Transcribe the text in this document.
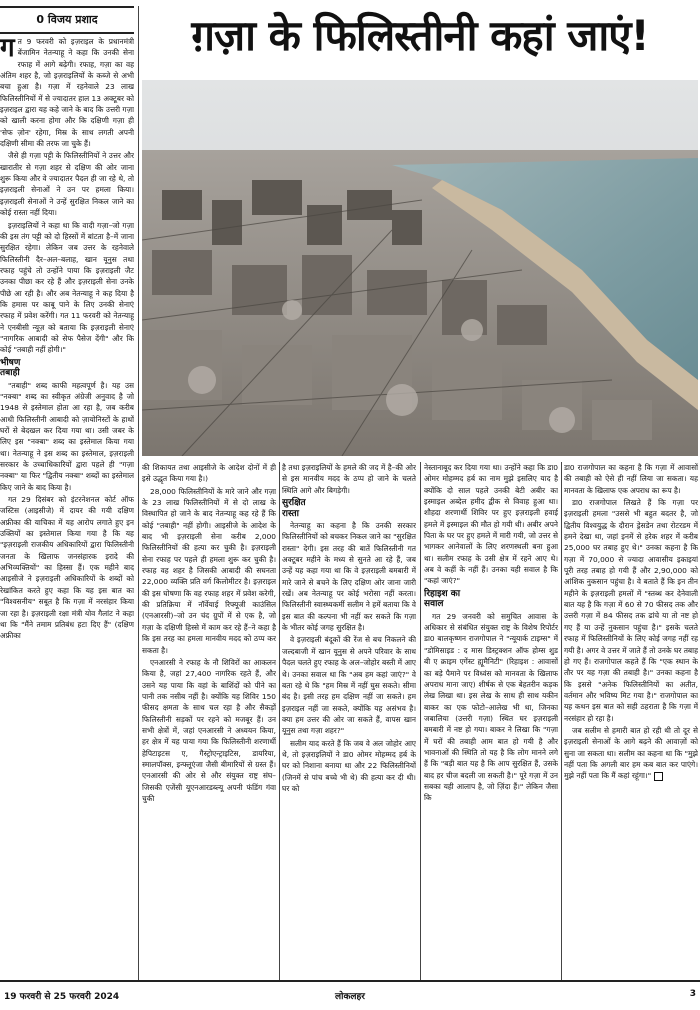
0 विजय प्रशाद	ग़ज़ा के फिलिस्तीनी कहां जाएं!
ग त 9 फरवरी को इज़राइल के प्रधानमंत्री बेंजामिन नेतन्याहू ने कहा कि उनकी सेना रफाह में आगे बढ़ेगी। रफाह, गज़ा का वह अंतिम शहर है, जो इज़राइलियों के कब्जे से अभी बचा हुआ है। गज़ा में रहनेवाले 23 लाख फिलिस्तीनियों में से ज्यादातर हाल 13 अक्टूबर को इज़राइल द्वारा यह कहे जाने के बाद कि उत्तरी गज़ा को खाली करना होगा और कि दक्षिणी गज़ा ही 'सेफ ज़ोन' रहेगा, मिस्र के साथ लगती अपनी दक्षिणी सीमा की तरफ जा चुके हैं।

जैसे ही गज़ा पट्टी के फिलिस्तीनियों ने उत्तर और खारातीर से गज़ा शहर से दक्षिण की ओर जाना शुरू किया और वे ज्यादातर पैदल ही जा रहे थे, तो इज़राइली सेनाओं ने उन पर हमला किया। इज़राइली सेनाओं ने उन्हें सुरक्षित निकल जाने का कोई रास्ता नहीं दिया।

इज़राइलियों ने कहा था कि वादी गज़ा–जो गज़ा की इस तंग पट्टी को दो हिस्सों में बांटता है–में जाना सुरक्षित रहेगा। लेकिन जब उत्तर के रहनेवाले फिलिस्तीनी दैर–अल–बलाह, खान यूनुस तथा रफाह पहुंचे तो उन्होंने पाया कि इज़राइली जैट उनका पीछा कर रहे हैं और इज़राइली सेना उनके पीछे आ रही है। और अब नेतन्याहू ने कह दिया है कि हमास पर काबू पाने के लिए उनकी सेनाएं रफाह में प्रवेश करेंगी। गत 11 फरवरी को नेतन्याहू ने एनबीसी न्यूज़ को बताया कि इज़राइली सेनाएं "नागरिक आबादी को सेफ पैसेज देंगी" और कि कोई "तबाही नहीं होगी।"

भीषण
तबाही

"तबाही" शब्द काफी महत्वपूर्ण है। यह उस "नक्बा" शब्द का स्वीकृत अंग्रेजी अनुवाद है जो 1948 से इस्तेमाल होता आ रहा है, जब करीब आधी फिलिस्तीनी आबादी को ज़ायोनिस्टों के हाथों घरों से बेदखल कर दिया गया था। उसी जबर के लिए इस "नक्बा" शब्द का इस्तेमाल किया गया था। नेतन्याहू ने इस शब्द का इस्तेमाल, इज़राइली सरकार के उच्चाधिकारियों द्वारा पहले ही "गज़ा नक्बा" या फिर "द्वितीय नक्बा" शब्दों का इस्तेमाल किए जाने के बाद किया है।

गत 29 दिसंबर को इंटरनेशनल कोर्ट ऑफ जस्टिस (आइसीजे) में दायर की गयी दक्षिण अफ्रीका की याचिका में यह आरोप लगाते हुए इन उक्तियों का इस्तेमाल किया गया है कि यह "इज़राइली राजकीय अधिकारियों द्वारा फिलिस्तीनी जनता के खिलाफ जनसंहारक इरादे की अभिव्यक्तियों" का हिस्सा हैं। एक महीने बाद आइसीजे ने इज़राइली अधिकारियों के शब्दों को रेखांकित करते हुए कहा कि यह इस बात का "विश्वसनीय" सबूत है कि गज़ा में नरसंहार किया जा रहा है। इज़राइली रक्षा मंत्री योव गैलांट ने कहा था कि "मैंने तमाम प्रतिबंध हटा दिए हैं" (दक्षिण अफ्रीका

की शिकायत तथा आइसीजे के आदेश दोनों में ही इसे उद्धृत किया गया है।)

28,000 फिलिस्तीनियों के मारे जाने और गज़ा के 23 लाख फिलिस्तीनियों में से दो लाख के विस्थापित हो जाने के बाद नेतन्याहू कह रहे हैं कि कोई "तबाही" नहीं होगी। आइसीजे के आदेश के बाद भी इज़राइली सेना करीब 2,000 फिलिस्तीनियों की हत्या कर चुकी है। इज़राइली सेना रफाह पर पहले ही हमला शुरू कर चुकी है। रफाह वह शहर है जिसकी आबादी की सघनता 22,000 व्यक्ति प्रति वर्ग किलोमीटर है। इज़राइल की इस घोषणा कि वह रफाह शहर में प्रवेश करेगी, की प्रतिक्रिया में नॉर्वेयाई रिफ्यूजी काउंसिल (एनआरसी)–जो उन चंद ग्रुपों में से एक है, जो गज़ा के दक्षिणी हिस्से में काम कर रहे हैं–ने कहा है कि इस तरह का हमला मानवीय मदद को ठप्प कर सकता है।

एनआरसी ने रफाह के नौ शिविरों का आकलन किया है, जहां 27,400 नागरिक रहते हैं, और उसने यह पाया कि वहां के बाशिंदों को पीने का पानी तक नसीब नहीं है। क्योंकि यह शिविर 150 फीसद क्षमता के साथ चल रहा है और सैकड़ों फिलिस्तीनी सड़कों पर रहने को मजबूर हैं। उन सभी क्षेत्रों में, जहां एनआरसी ने अध्ययन किया, हर क्षेत्र में यह पाया गया कि फिलिस्तीनी शरणार्थी हेपिटाइटस ए, गैस्ट्रोएन्ट्राइटिस, डायरिया, स्मालपॉक्स, इन्फ्लूएंजा जैसी बीमारियों से ग्रस्त हैं। एनआरसी की ओर से और संयुक्त राष्ट्र संघ–जिसकी एजेंसी यूएनआरडब्ल्यू अपनी फंडिंग गंवा चुकी

है तथा इज़राइलियों के हमले की जद में है–की ओर से इस मानवीय मदद के ठप्प हो जाने के चलते स्थिति आगे और बिगड़ेगी।

सुरक्षित
रास्ता

नेतन्याहू का कहना है कि उनकी सरकार फिलिस्तीनियों को बचकर निकल जाने का "सुरक्षित रास्ता" देगी। इस तरह की बातें फिलिस्तीनी गत अक्टूबर महीने के मध्य से सुनते आ रहे हैं, जब उन्हें यह कहा गया था कि वे इज़राइली बमबारी में मारे जाने से बचने के लिए दक्षिण ओर जाना जारी रखें। अब नेतन्याहू पर कोई भरोसा नहीं करता। फिलिस्तीनी स्वास्थ्यकर्मी सलीम ने हमें बताया कि वे इस बात की कल्पना भी नहीं कर सकते कि गज़ा के भीतर कोई जगह सुरक्षित है।

वे इज़राइली बंदूकों की रेंज से बच निकलने की जल्दबाजी में खान यूनुस से अपने परिवार के साथ पैदल चलते हुए रफाह के अल–जोहोर बस्ती में आए थे। उनका सवाल था कि "अब हम कहां जाएं?" वे बता रहे थे कि "हम मिस्र में नहीं घुस सकते। सीमा बंद है। इसी तरह हम दक्षिण नहीं जा सकते। हम इज़राइल नहीं जा सकते, क्योंकि यह असंभव है। क्या हम उत्तर की ओर जा सकते हैं, वापस खान यूनुस तथा गज़ा शहर?"

सलीम याद करते हैं कि जब वे अल जोहोर आए थे, तो इज़राइलियों ने डा0 ओमर मोहम्मद हर्ब के घर को निशाना बनाया था और 22 फिलिस्तीनियों (जिनमें से पांच बच्चे भी थे) की हत्या कर दी थी। घर को

नेस्तानाबूद कर दिया गया था। उन्होंने कहा कि डा0 ओमर मोहम्मद हर्ब का नाम मुझे इसलिए याद है क्योंकि दो साल पहले उनकी बेटी अबीर का इस्माइल अब्देल हमीद द्वीक से विवाह हुआ था। शौहदा शरणार्थी शिविर पर हुए इज़राइली हवाई हमले में इस्माइल की मौत हो गयी थी। अबीर अपने पिता के घर पर हुए हमले में मारी गयी, जो उत्तर से भागकर आनेवालों के लिए शरणस्थली बना हुआ था। सलीम रफाह के उसी क्षेत्र में रहने आए थे। अब वे कहीं के नहीं हैं। उनका यही सवाल है कि "कहां जाएं?"

रिहाइश का
सवाल

गत 29 जनवरी को समुचित आवास के अधिकार से संबंधित संयुक्त राष्ट्र के विशेष रिपोर्टर डा0 बालकृष्णन राजगोपाल ने "न्यूयार्क टाइम्स" में "डोमिसाइड : द मास डिस्ट्रक्शन ऑफ होम्स शुड बी ए क्राइम एगेंस्ट ह्यूमैनिटी" (रिहाइश : आवासों का बड़े पैमाने पर विध्वंस को मानवता के खिलाफ अपराध माना जाए) शीर्षक से एक बेहतरीन कड़क लेख लिखा था। इस लेख के साथ ही साथ यकीन बाकर का एक फोटो–आलेख भी था, जिनका जबालिया (उत्तरी गज़ा) स्थित घर इज़राइली बमबारी में नष्ट हो गया। बाकर ने लिखा कि "गज़ा में घरों की तबाही आम बात हो गयी है और भावनाओं की स्थिति तो यह है कि लोग मानने लगे हैं कि "बड़ी बात यह है कि आप सुरक्षित हैं, उसके बाद हर चीज बदली जा सकती है।" पूरे गज़ा में उन सबका यही आलाप है, जो ज़िंदा हैं।" लेकिन जैसा कि

डा0 राजगोपाल का कहना है कि गज़ा में आवासों की तबाही को ऐसे ही नहीं लिया जा सकता। यह मानवता के खिलाफ एक अपराध का रूप है।

डा0 राजगोपाल लिखते हैं कि गज़ा पर इज़राइली हमला "उससे भी बहुत बदतर है, जो द्वितीय विश्वयुद्ध के दौरान ड्रेसडेन तथा रोटरडम में हमने देखा था, जहां इनमें से हरेक शहर में करीब 25,000 घर तबाह हुए थे।" उनका कहना है कि गज़ा में 70,000 से ज्यादा आवासीय इकाइयां पूरी तरह तबाह हो गयी हैं और 2,90,000 को आंशिक नुकसान पहुंचा है। वे बताते हैं कि इन तीन महीने के इज़राइली हमलों में "स्तब्ध कर देनेवाली बात यह है कि गज़ा में 60 से 70 फीसद तक और उत्तरी गज़ा में 84 फीसद तक ढांचे या तो नष्ट हो गए हैं या उन्हें नुकसान पहुंचा है।" इसके चलते रफाह में फिलिस्तीनियों के लिए कोई जगह नहीं रह गयी है। अगर वे उत्तर में जाते हैं तो उनके घर तबाह हो गए हैं। राजगोपाल कहते हैं कि "एक स्थान के तौर पर यह गज़ा की तबाही है।" उनका कहना है कि इससे "अनेक फिलिस्तीनियों का अतीत, वर्तमान और भविष्य मिट गया है।" राजगोपाल का यह कथन इस बात को सही ठहराता है कि गज़ा में नरसंहार हो रहा है।

जब सलीम से हमारी बात हो रही थी तो दूर से इज़राइली सेनाओं के आगे बढ़ने की आवाज़ों को सुना जा सकता था। सलीम का कहना था कि "मुझे नहीं पता कि अगली बार हम कब बात कर पाएंगे। मुझे नहीं पता कि मैं कहां रहूंगा।"

19 फरवरी से 25 फरवरी 2024	लोकलहर	3
